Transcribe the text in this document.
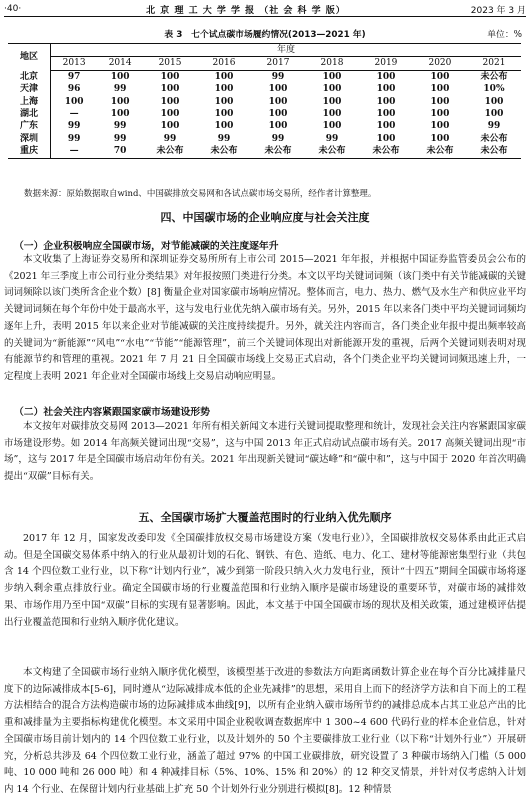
·40·	北 京 理 工 大 学 学 报 （社 会 科 学 版）	2023 年 3 月
表 3　七个试点碳市场履约情况(2013—2021 年)	单位：%
地区	年度								
	2013	2014	2015	2016	2017	2018	2019	2020	2021
北京	97	100	100	100	99	100	100	100	未公布
天津	96	99	100	100	100	100	100	100	10%
上海	100	100	100	100	100	100	100	100	100
湖北	—	100	100	100	100	100	100	100	100
广东	99	99	100	100	100	100	100	100	99
深圳	99	99	99	99	99	99	100	100	未公布
重庆	—	70	未公布	未公布	未公布	未公布	未公布	未公布	未公布
数据来源：原始数据取自wind、中国碳排放交易网和各试点碳市场交易所，经作者计算整理。
四、中国碳市场的企业响应度与社会关注度
（一）企业积极响应全国碳市场，对节能减碳的关注度逐年升

本文收集了上海证券交易所和深圳证券交易所所有上市公司 2015—2021 年年报，并根据中国证券监管委员会公布的《2021 年三季度上市公司行业分类结果》对年报按照门类进行分类。本文以平均关键词词频（该门类中有关节能减碳的关键词词频除以该门类所含企业个数）[8] 衡量企业对国家碳市场响应情况。整体而言，电力、热力、燃气及水生产和供应业平均关键词词频在每个年份中处于最高水平，这与发电行业优先纳入碳市场有关。另外，2015 年以来各门类中平均关键词词频均逐年上升，表明 2015 年以来企业对节能减碳的关注度持续提升。另外，就关注内容而言，各门类企业年报中提出频率较高的关键词为“新能源”“风电”“水电”“节能”“能源管理”，前三个关键词体现出对新能源开发的重视，后两个关键词则表明对现有能源节约和管理的重视。2021 年 7 月 21 日全国碳市场线上交易正式启动，各个门类企业平均关键词词频迅速上升，一定程度上表明 2021 年企业对全国碳市场线上交易启动响应明显。

（二）社会关注内容紧跟国家碳市场建设形势

本文按年对碳排放交易网 2013—2021 年所有相关新闻文本进行关键词提取整理和统计，发现社会关注内容紧跟国家碳市场建设形势。如 2014 年高频关键词出现“交易”，这与中国 2013 年正式启动试点碳市场有关。2017 高频关键词出现“市场”，这与 2017 年是全国碳市场启动年份有关。2021 年出现新关键词“碳达峰”和“碳中和”，这与中国于 2020 年首次明确提出“双碳”目标有关。

五、全国碳市场扩大覆盖范围时的行业纳入优先顺序

2017 年 12 月，国家发改委印发《全国碳排放权交易市场建设方案（发电行业）》，全国碳排放权交易体系由此正式启动。但是全国碳交易体系中纳入的行业从最初计划的石化、钢铁、有色、造纸、电力、化工、建材等能源密集型行业（共包含 14 个四位数工业行业，以下称“计划内行业”，减少到第一阶段只纳入火力发电行业，预计“十四五”期间全国碳市场将逐步纳入剩余重点排放行业。确定全国碳市场的行业覆盖范围和行业纳入顺序是碳市场建设的重要环节，对碳市场的减排效果、市场作用乃至中国“双碳”目标的实现有显著影响。因此，本文基于中国全国碳市场的现状及相关政策，通过建模评估提出行业覆盖范围和行业纳入顺序优化建议。

本文构建了全国碳市场行业纳入顺序优化模型，该模型基于改进的参数法方向距离函数计算企业在每个百分比减排量尺度下的边际减排成本[5-6]，同时遵从“边际减排成本低的企业先减排”的思想，采用自上而下的经济学方法和自下而上的工程方法相结合的混合方法构造碳市场的边际减排成本曲线[9]，以所有企业纳入碳市场所节约的减排总成本占其工业总产出的比重和减排量为主要指标构建优化模型。本文采用中国企业税收调查数据库中 1 300~4 600 代码行业的样本企业信息，针对全国碳市场目前计划内的 14 个四位数工业行业，以及计划外的 50 个主要碳排放工业行业（以下称“计划外行业”）开展研究，分析总共涉及 64 个四位数工业行业，涵盖了超过 97% 的中国工业碳排放，研究设置了 3 种碳市场纳入门槛（5 000 吨、10 000 吨和 26 000 吨）和 4 种减排目标（5%、10%、15% 和 20%）的 12 种交叉情景，并针对仅考虑纳入计划内 14 个行业、在保留计划内行业基础上扩充 50 个计划外行业分别进行模拟[8]。12 种情景
